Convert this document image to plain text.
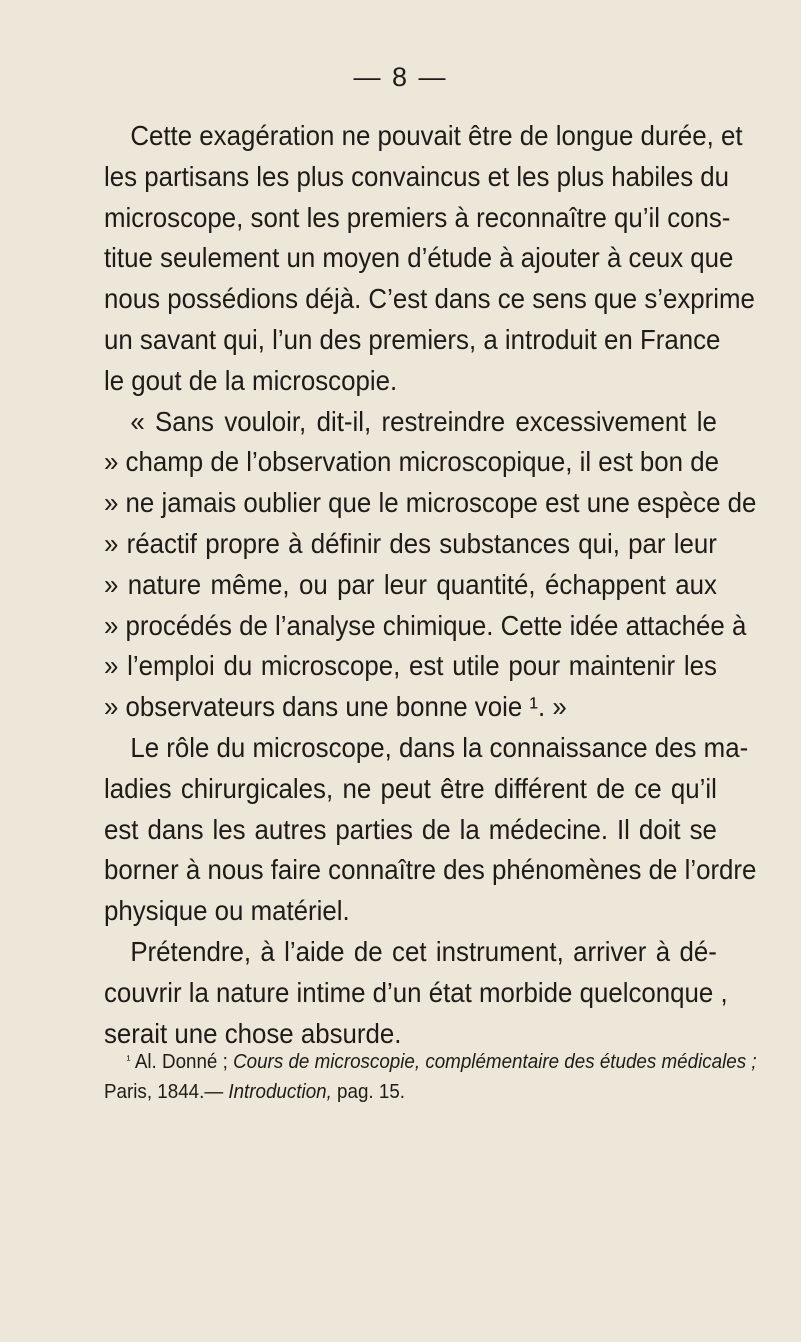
— 8 —
Cette exagération ne pouvait être de longue durée, et
les partisans les plus convaincus et les plus habiles du
microscope, sont les premiers à reconnaître qu’il cons-
titue seulement un moyen d’étude à ajouter à ceux que
nous possédions déjà. C’est dans ce sens que s’exprime
un savant qui, l’un des premiers, a introduit en France
le gout de la microscopie.
« Sans vouloir, dit-il, restreindre excessivement le
» champ de l’observation microscopique, il est bon de
» ne jamais oublier que le microscope est une espèce de
» réactif propre à définir des substances qui, par leur
» nature même, ou par leur quantité, échappent aux
» procédés de l’analyse chimique. Cette idée attachée à
» l’emploi du microscope, est utile pour maintenir les
» observateurs dans une bonne voie ¹. »
Le rôle du microscope, dans la connaissance des ma-
ladies chirurgicales, ne peut être différent de ce qu’il
est dans les autres parties de la médecine. Il doit se
borner à nous faire connaître des phénomènes de l’ordre
physique ou matériel.
Prétendre, à l’aide de cet instrument, arriver à dé-
couvrir la nature intime d’un état morbide quelconque ,
serait une chose absurde.
$^{^1}$ Al. Donné ; Cours de microscopie, complémentaire des études médicales ;
Paris, 1844.— Introduction, pag. 15.
